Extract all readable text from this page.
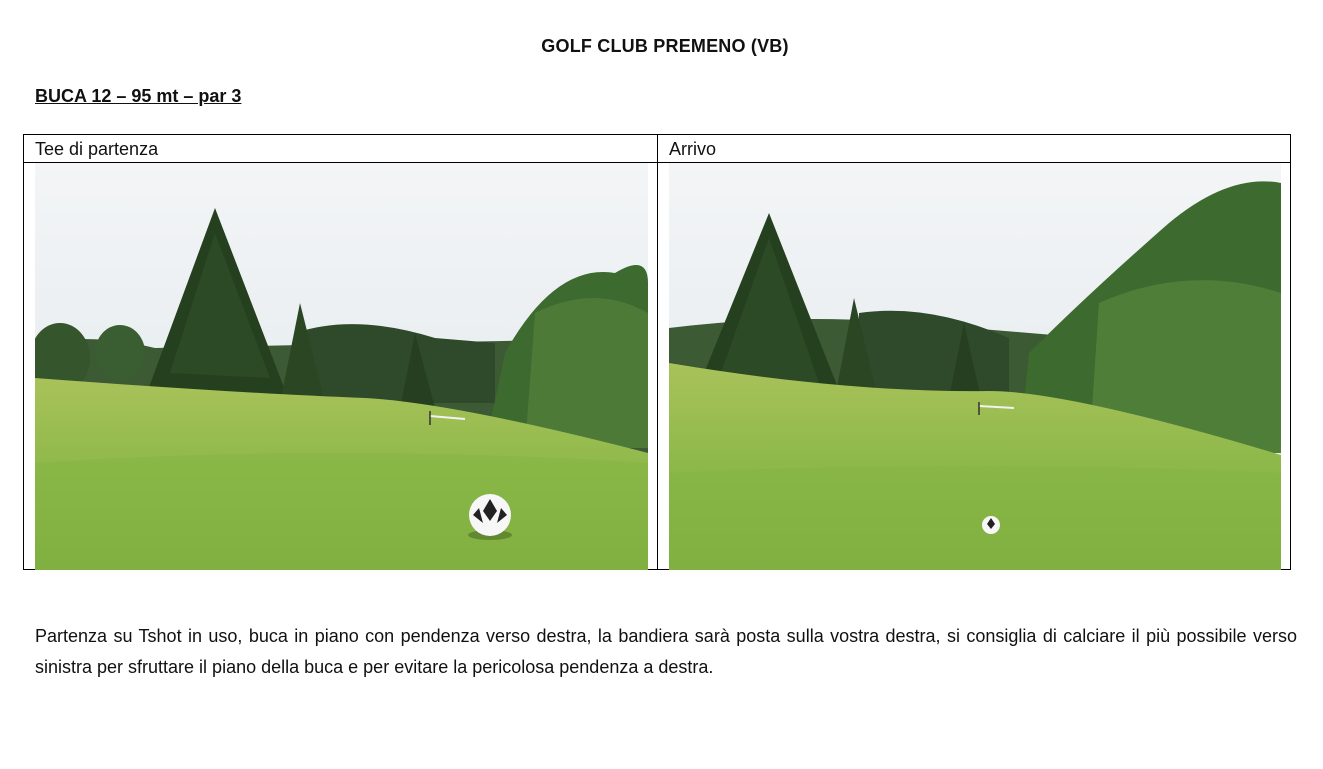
GOLF CLUB PREMENO (VB)
BUCA 12 – 95 mt – par 3
Tee di partenza	Arrivo
Partenza su Tshot in uso, buca in piano con pendenza verso destra, la bandiera sarà posta sulla vostra destra, si consiglia di calciare il più possibile verso sinistra per sfruttare il piano della buca e per evitare la pericolosa pendenza a destra.
